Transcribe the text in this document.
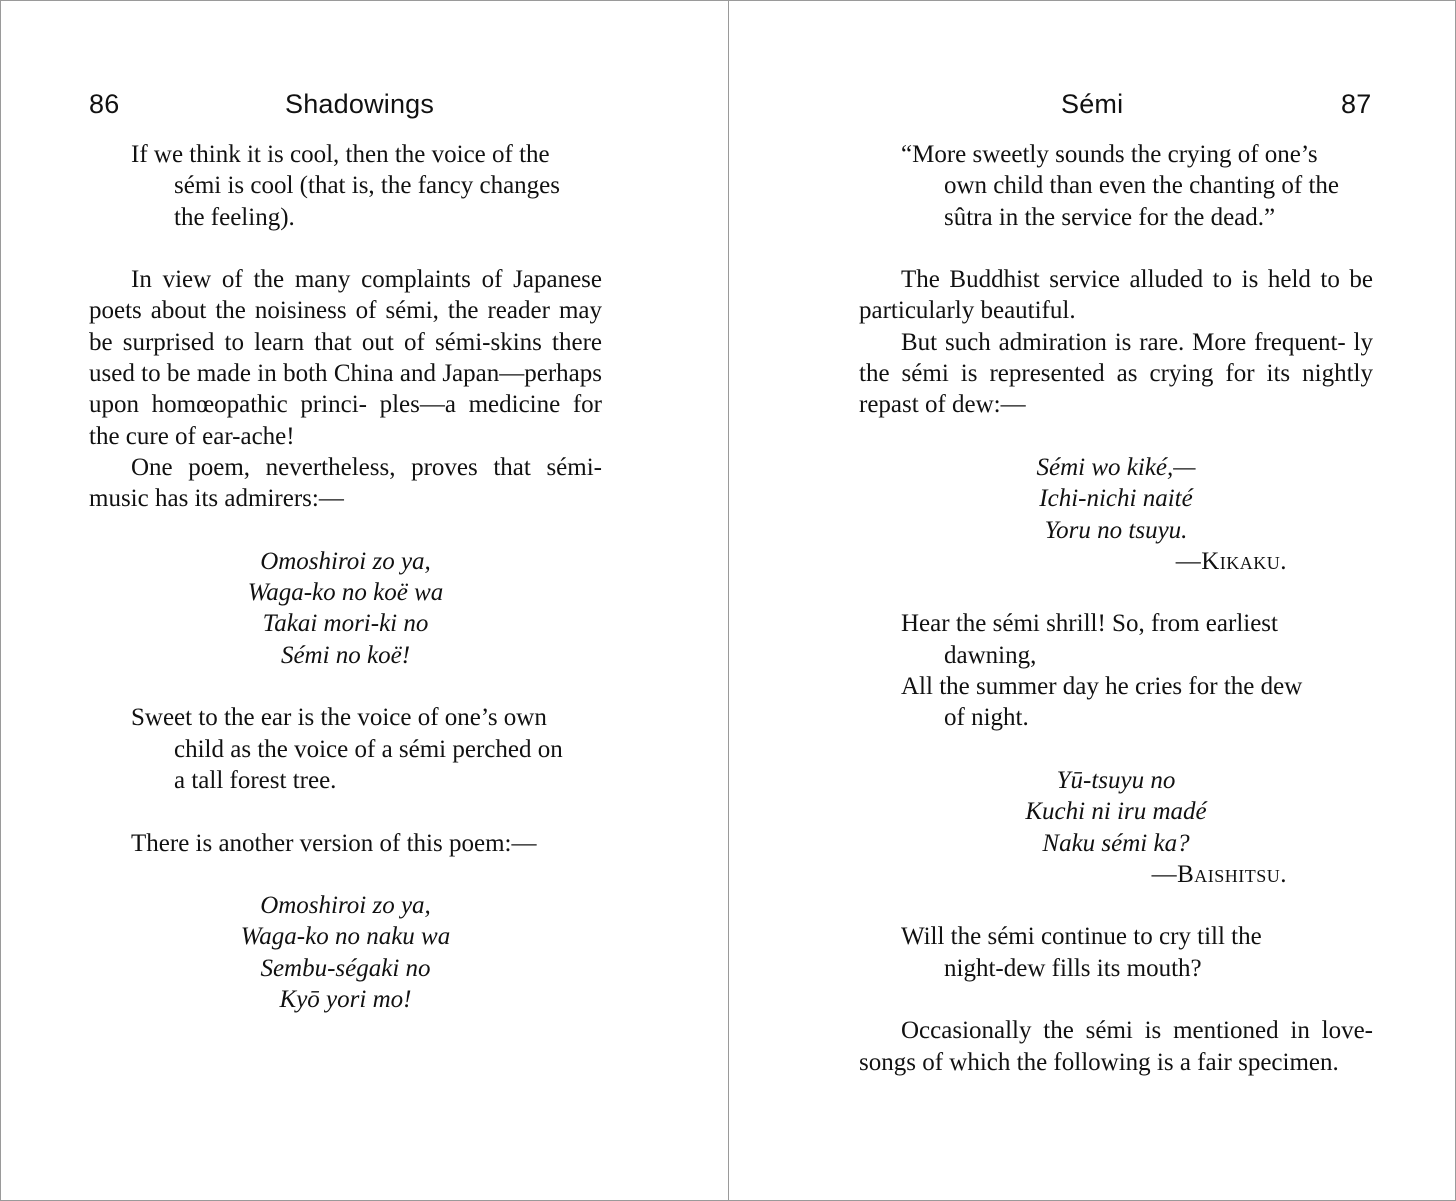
86	Shadowings
If we think it is cool, then the voice of the
sémi is cool (that is, the fancy changes
the feeling).

In view of the many complaints of Japanese poets about the noisiness of sémi, the reader may be surprised to learn that out of sémi-skins there used to be made in both China and Japan—perhaps upon homœopathic princi- ples—a medicine for the cure of ear-ache!

One poem, nevertheless, proves that sémi-music has its admirers:—

Omoshiroi zo ya,
Waga-ko no koë wa
Takai mori-ki no
Sémi no koë!
Sweet to the ear is the voice of one’s own
child as the voice of a sémi perched on
a tall forest tree.

There is another version of this poem:—

Omoshiroi zo ya,
Waga-ko no naku wa
Sembu-ségaki no
Kyō yori mo!
Sémi	87
“More sweetly sounds the crying of one’s
own child than even the chanting of the
sûtra in the service for the dead.”

The Buddhist service alluded to is held to be particularly beautiful.

But such admiration is rare. More frequent- ly the sémi is represented as crying for its nightly repast of dew:—

Sémi wo kiké,—
Ichi-nichi naité
Yoru no tsuyu.
—Kikaku.
Hear the sémi shrill! So, from earliest
dawning,
All the summer day he cries for the dew
of night.
Yū-tsuyu no
Kuchi ni iru madé
Naku sémi ka?
—Baishitsu.
Will the sémi continue to cry till the
night-dew fills its mouth?

Occasionally the sémi is mentioned in love- songs of which the following is a fair specimen.
